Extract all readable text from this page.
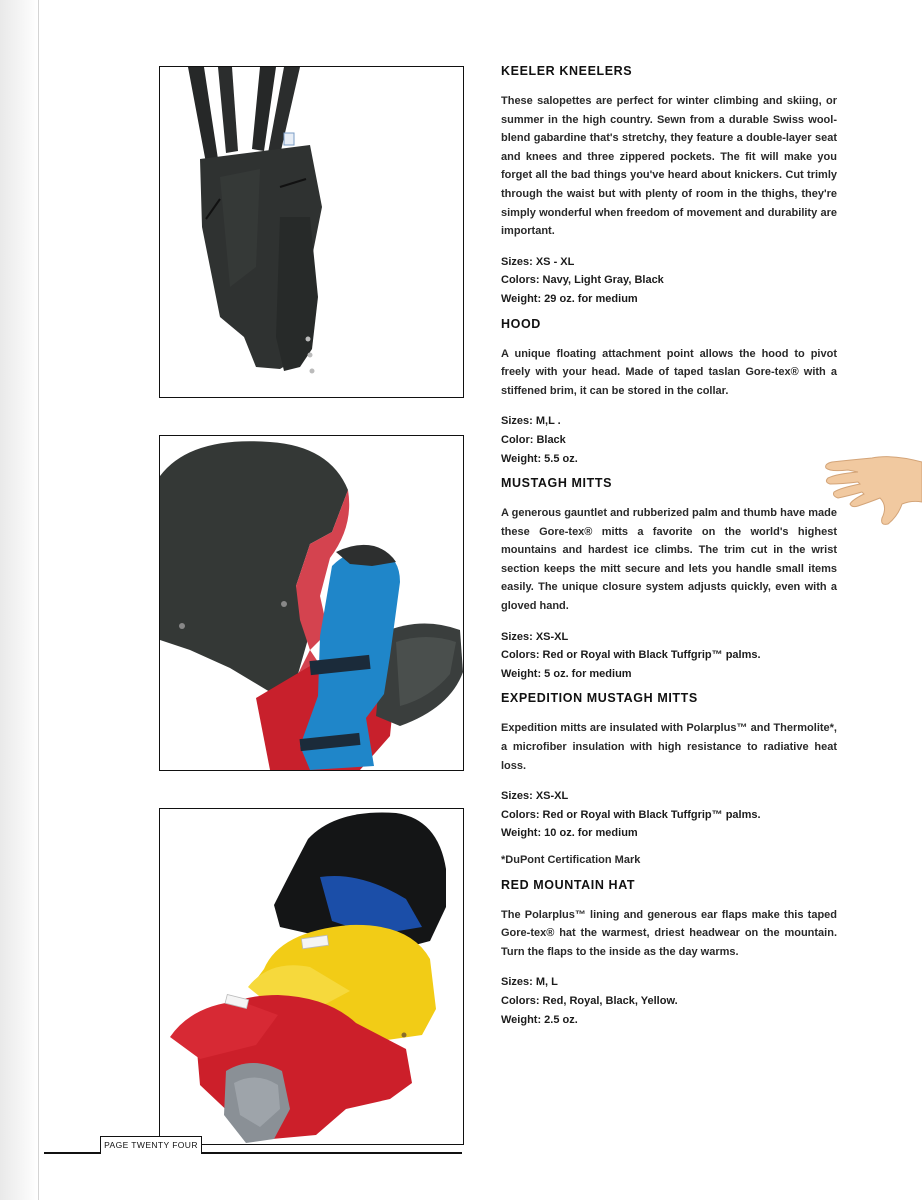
PAGE TWENTY FOUR
KEELER KNEELERS

These salopettes are perfect for winter climbing and skiing, or summer in the high country. Sewn from a durable Swiss wool-blend gabardine that's stretchy, they feature a double-layer seat and knees and three zippered pockets. The fit will make you forget all the bad things you've heard about knickers. Cut trimly through the waist but with plenty of room in the thighs, they're simply wonderful when freedom of movement and durability are important.

Sizes: XS - XL

Colors: Navy, Light Gray, Black

Weight: 29 oz. for medium

HOOD

A unique floating attachment point allows the hood to pivot freely with your head. Made of taped taslan Gore-tex® with a stiffened brim, it can be stored in the collar.

Sizes: M,L .

Color: Black

Weight: 5.5 oz.

MUSTAGH MITTS

A generous gauntlet and rubberized palm and thumb have made these Gore-tex® mitts a favorite on the world's highest mountains and hardest ice climbs. The trim cut in the wrist section keeps the mitt secure and lets you handle small items easily. The unique closure system adjusts quickly, even with a gloved hand.

Sizes: XS-XL

Colors: Red or Royal with Black Tuffgrip™ palms.

Weight: 5 oz. for medium

EXPEDITION MUSTAGH MITTS

Expedition mitts are insulated with Polarplus™ and Thermolite*, a microfiber insulation with high resistance to radiative heat loss.

Sizes: XS-XL

Colors: Red or Royal with Black Tuffgrip™ palms.

Weight: 10 oz. for medium

*DuPont Certification Mark

RED MOUNTAIN HAT

The Polarplus™ lining and generous ear flaps make this taped Gore-tex® hat the warmest, driest headwear on the mountain. Turn the flaps to the inside as the day warms.

Sizes: M, L

Colors: Red, Royal, Black, Yellow.

Weight: 2.5 oz.
